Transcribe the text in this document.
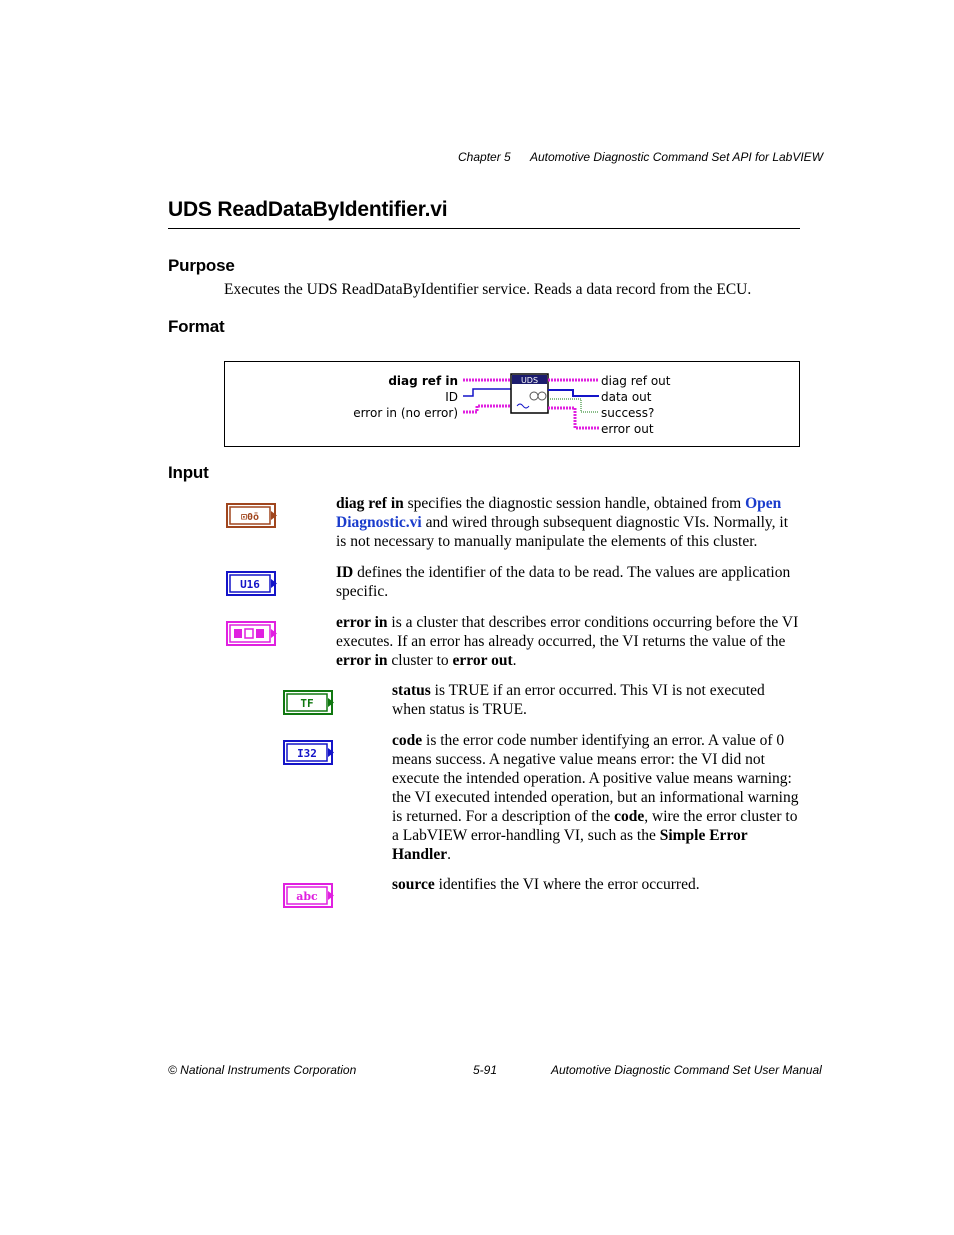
Chapter 5 Automotive Diagnostic Command Set API for LabVIEW
UDS ReadDataByIdentifier.vi
Purpose
Executes the UDS ReadDataByIdentifier service. Reads a data record from the ECU.
Format
diag ref in
ID
error in (no error)
UDS	diag ref out
data out
success?
error out
Input
⊡0ō
diag ref in specifies the diagnostic session handle, obtained from Open Diagnostic.vi and wired through subsequent diagnostic VIs. Normally, it is not necessary to manually manipulate the elements of this cluster.
U16
ID defines the identifier of the data to be read. The values are application specific.
error in is a cluster that describes error conditions occurring before the VI executes. If an error has already occurred, the VI returns the value of the error in cluster to error out.
TF
status is TRUE if an error occurred. This VI is not executed when status is TRUE.
I32
code is the error code number identifying an error. A value of 0 means success. A negative value means error: the VI did not execute the intended operation. A positive value means warning: the VI executed intended operation, but an informational warning is returned. For a description of the code, wire the error cluster to a LabVIEW error-handling VI, such as the Simple Error Handler.
abc
source identifies the VI where the error occurred.
© National Instruments Corporation	5-91	Automotive Diagnostic Command Set User Manual
